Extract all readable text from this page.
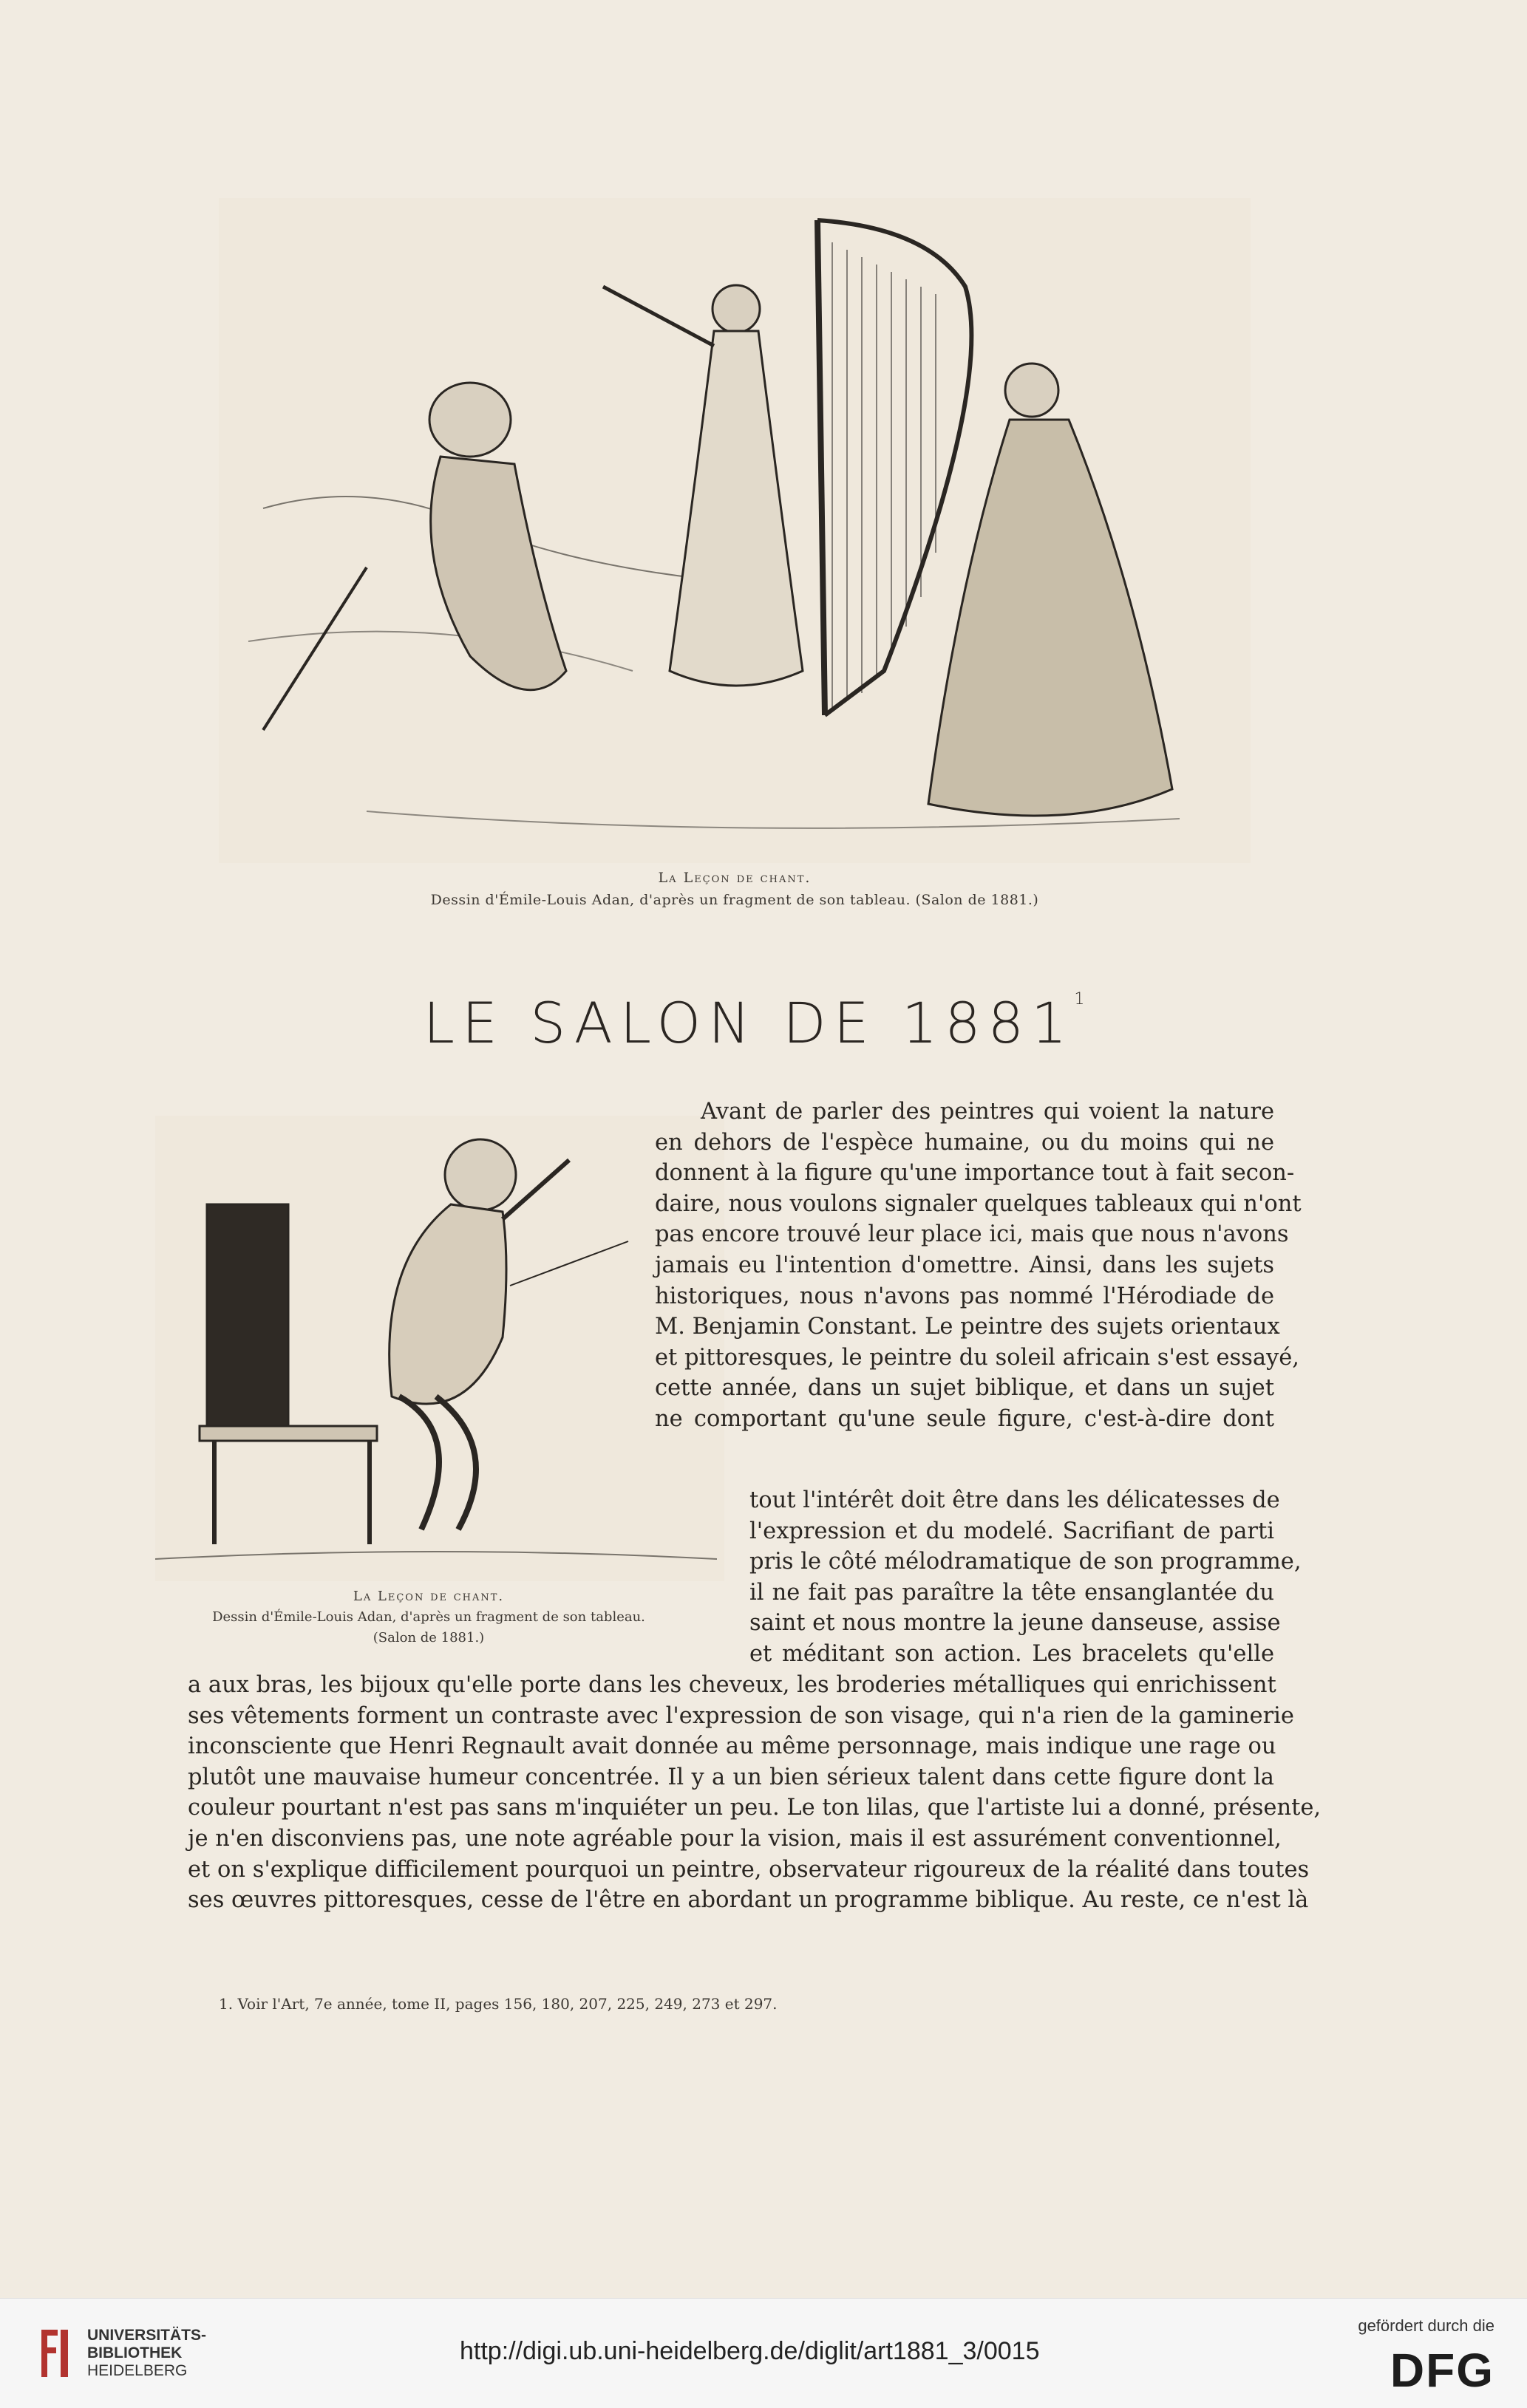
La Leçon de chant.
Dessin d'Émile-Louis Adan, d'après un fragment de son tableau. (Salon de 1881.)
LE SALON DE 1881$^1$
La Leçon de chant.
Dessin d'Émile-Louis Adan, d'après un fragment de son tableau.
(Salon de 1881.)
Avant de parler des peintres qui voient la nature
en dehors de l'espèce humaine, ou du moins qui ne
donnent à la figure qu'une importance tout à fait secon-
daire, nous voulons signaler quelques tableaux qui n'ont
pas encore trouvé leur place ici, mais que nous n'avons
jamais eu l'intention d'omettre. Ainsi, dans les sujets
historiques, nous n'avons pas nommé l'Hérodiade de
M. Benjamin Constant. Le peintre des sujets orientaux
et pittoresques, le peintre du soleil africain s'est essayé,
cette année, dans un sujet biblique, et dans un sujet
ne comportant qu'une seule figure, c'est-à-dire dont
tout l'intérêt doit être dans les délicatesses de
l'expression et du modelé. Sacrifiant de parti
pris le côté mélodramatique de son programme,
il ne fait pas paraître la tête ensanglantée du
saint et nous montre la jeune danseuse, assise
et méditant son action. Les bracelets qu'elle
a aux bras, les bijoux qu'elle porte dans les cheveux, les broderies métalliques qui enrichissent
ses vêtements forment un contraste avec l'expression de son visage, qui n'a rien de la gaminerie
inconsciente que Henri Regnault avait donnée au même personnage, mais indique une rage ou
plutôt une mauvaise humeur concentrée. Il y a un bien sérieux talent dans cette figure dont la
couleur pourtant n'est pas sans m'inquiéter un peu. Le ton lilas, que l'artiste lui a donné, présente,
je n'en disconviens pas, une note agréable pour la vision, mais il est assurément conventionnel,
et on s'explique difficilement pourquoi un peintre, observateur rigoureux de la réalité dans toutes
ses œuvres pittoresques, cesse de l'être en abordant un programme biblique. Au reste, ce n'est là
1. Voir l'Art, 7e année, tome II, pages 156, 180, 207, 225, 249, 273 et 297.
UNIVERSITÄTS-
BIBLIOTHEK
HEIDELBERG
http://digi.ub.uni-heidelberg.de/diglit/art1881_3/0015
gefördert durch die
DFG
